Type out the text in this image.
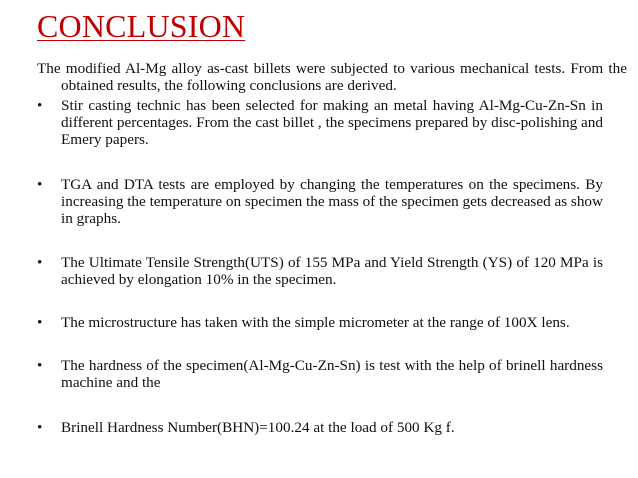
CONCLUSION

The modified Al-Mg alloy as-cast billets were subjected to various mechanical tests. From the obtained results, the following conclusions are derived.

•	Stir casting technic has been selected for making an metal having Al-Mg-Cu-Zn-Sn in different percentages. From the cast billet , the specimens prepared by disc-polishing and Emery papers.
•	TGA and DTA tests are employed by changing the temperatures on the specimens. By increasing the temperature on specimen the mass of the specimen gets decreased as show in graphs.
•	The Ultimate Tensile Strength(UTS) of 155 MPa and Yield Strength (YS) of 120 MPa is achieved by elongation 10% in the specimen.
•	The microstructure has taken with the simple micrometer at the range of 100X lens.
•	The hardness of the specimen(Al-Mg-Cu-Zn-Sn) is test with the help of brinell hardness machine and the
•	Brinell Hardness Number(BHN)=100.24 at the load of 500 Kg f.
